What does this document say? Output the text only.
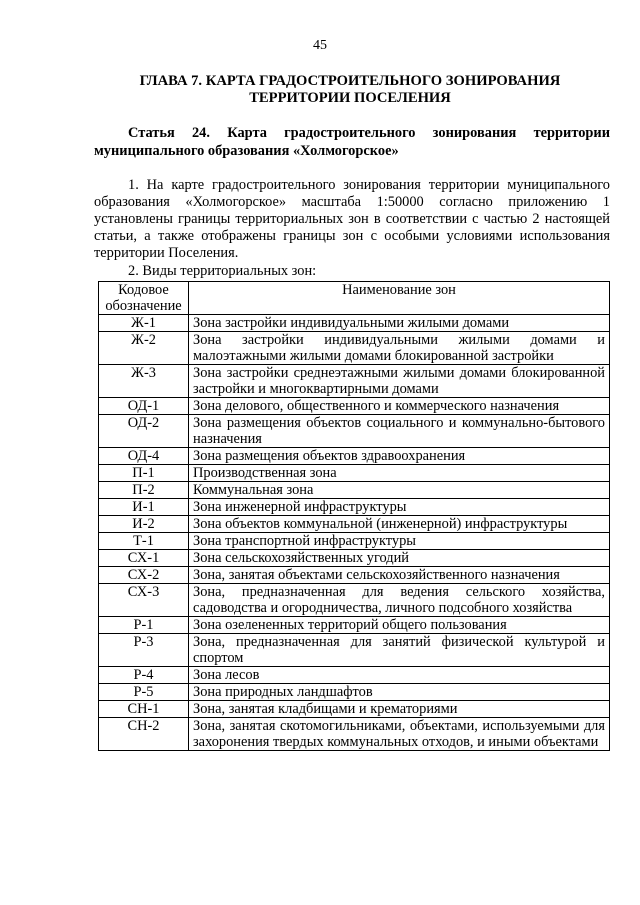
45
ГЛАВА 7. КАРТА ГРАДОСТРОИТЕЛЬНОГО ЗОНИРОВАНИЯ ТЕРРИТОРИИ ПОСЕЛЕНИЯ
Статья 24. Карта градостроительного зонирования территории муниципального образования «Холмогорское»
1. На карте градостроительного зонирования территории муниципального образования «Холмогорское» масштаба 1:50000 согласно приложению 1 установлены границы территориальных зон в соответствии с частью 2 настоящей статьи, а также отображены границы зон с особыми условиями использования территории Поселения.
2. Виды территориальных зон:
Кодовое обозначение	Наименование зон
Ж-1	Зона застройки индивидуальными жилыми домами
Ж-2	Зона застройки индивидуальными жилыми домами и малоэтажными жилыми домами блокированной застройки
Ж-3	Зона застройки среднеэтажными жилыми домами блокированной застройки и многоквартирными домами
ОД-1	Зона делового, общественного и коммерческого назначения
ОД-2	Зона размещения объектов социального и коммунально-бытового назначения
ОД-4	Зона размещения объектов здравоохранения
П-1	Производственная зона
П-2	Коммунальная зона
И-1	Зона инженерной инфраструктуры
И-2	Зона объектов коммунальной (инженерной) инфраструктуры
Т-1	Зона транспортной инфраструктуры
СХ-1	Зона сельскохозяйственных угодий
СХ-2	Зона, занятая объектами сельскохозяйственного назначения
СХ-3	Зона, предназначенная для ведения сельского хозяйства, садоводства и огородничества, личного подсобного хозяйства
Р-1	Зона озелененных территорий общего пользования
Р-3	Зона, предназначенная для занятий физической культурой и спортом
Р-4	Зона лесов
Р-5	Зона природных ландшафтов
СН-1	Зона, занятая кладбищами и крематориями
СН-2	Зона, занятая скотомогильниками, объектами, используемыми для захоронения твердых коммунальных отходов, и иными объектами
